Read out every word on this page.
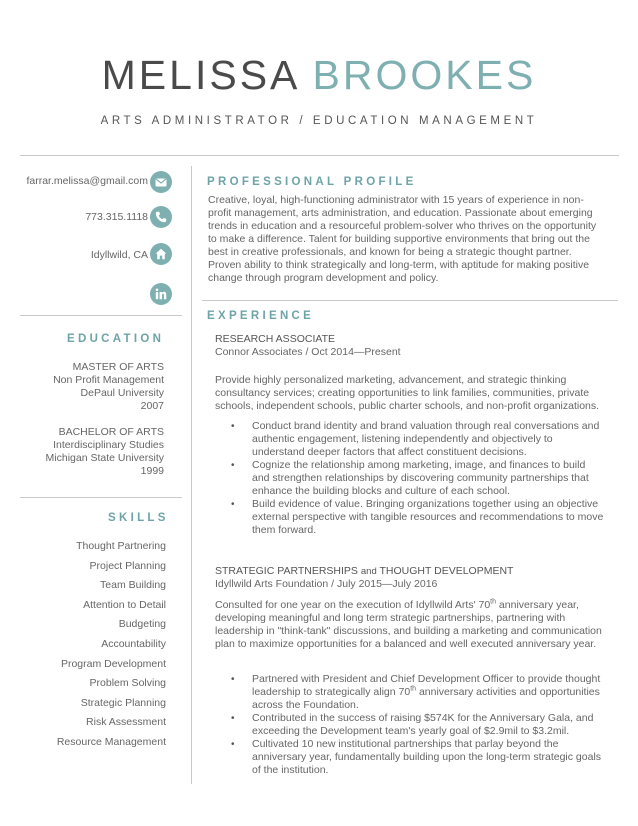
MELISSA BROOKES
ARTS ADMINISTRATOR / EDUCATION MANAGEMENT
farrar.melissa@gmail.com
773.315.1118
Idyllwild, CA
EDUCATION
MASTER OF ARTS
Non Profit Management
DePaul University
2007
BACHELOR OF ARTS
Interdisciplinary Studies
Michigan State University
1999
SKILLS
Thought Partnering
Project Planning
Team Building
Attention to Detail
Budgeting
Accountability
Program Development
Problem Solving
Strategic Planning
Risk Assessment
Resource Management
PROFESSIONAL PROFILE
Creative, loyal, high-functioning administrator with 15 years of experience in non-profit management, arts administration, and education. Passionate about emerging trends in education and a resourceful problem-solver who thrives on the opportunity to make a difference. Talent for building supportive environments that bring out the best in creative professionals, and known for being a strategic thought partner. Proven ability to think strategically and long-term, with aptitude for making positive change through program development and policy.
EXPERIENCE
RESEARCH ASSOCIATE
Connor Associates / Oct 2014—Present
Provide highly personalized marketing, advancement, and strategic thinking consultancy services; creating opportunities to link families, communities, private schools, independent schools, public charter schools, and non-profit organizations.
• Conduct brand identity and brand valuation through real conversations and authentic engagement, listening independently and objectively to understand deeper factors that affect constituent decisions.
• Cognize the relationship among marketing, image, and finances to build and strengthen relationships by discovering community partnerships that enhance the building blocks and culture of each school.
• Build evidence of value. Bringing organizations together using an objective external perspective with tangible resources and recommendations to move them forward.
STRATEGIC PARTNERSHIPS and THOUGHT DEVELOPMENT
Idyllwild Arts Foundation / July 2015—July 2016
Consulted for one year on the execution of Idyllwild Arts' 70th anniversary year, developing meaningful and long term strategic partnerships, partnering with leadership in "think-tank" discussions, and building a marketing and communication plan to maximize opportunities for a balanced and well executed anniversary year.
• Partnered with President and Chief Development Officer to provide thought leadership to strategically align 70th anniversary activities and opportunities across the Foundation.
• Contributed in the success of raising $574K for the Anniversary Gala, and exceeding the Development team's yearly goal of $2.9mil to $3.2mil.
• Cultivated 10 new institutional partnerships that parlay beyond the anniversary year, fundamentally building upon the long-term strategic goals of the institution.
